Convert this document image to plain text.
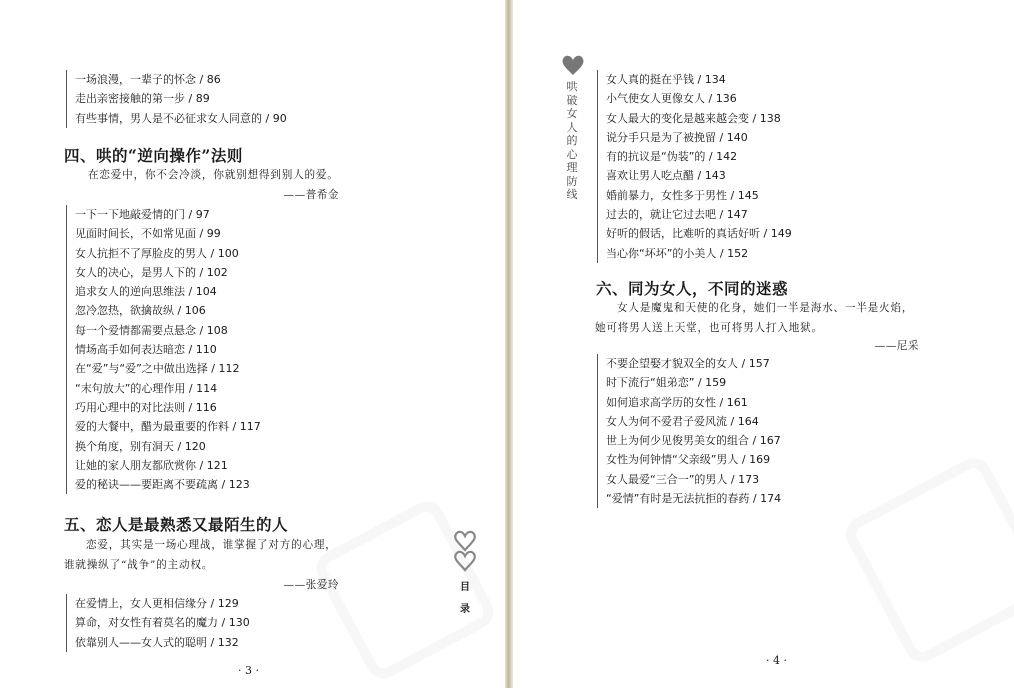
一场浪漫，一辈子的怀念 / 86
走出亲密接触的第一步 / 89
有些事情，男人是不必征求女人同意的 / 90
四、哄的“逆向操作”法则
在恋爱中，你不会冷淡，你就别想得到别人的爱。
——普希金
一下一下地敲爱情的门 / 97
见面时间长，不如常见面 / 99
女人抗拒不了厚脸皮的男人 / 100
女人的决心，是男人下的 / 102
追求女人的逆向思维法 / 104
忽冷忽热，欲擒故纵 / 106
每一个爱情都需要点悬念 / 108
情场高手如何表达暗恋 / 110
在“爱”与“爱”之中做出选择 / 112
“末句放大”的心理作用 / 114
巧用心理中的对比法则 / 116
爱的大餐中，醋为最重要的作料 / 117
换个角度，别有洞天 / 120
让她的家人朋友都欣赏你 / 121
爱的秘诀——要距离不要疏离 / 123
五、恋人是最熟悉又最陌生的人
恋爱，其实是一场心理战，谁掌握了对方的心理，
谁就操纵了“战争”的主动权。
——张爱玲
在爱情上，女人更相信缘分 / 129
算命，对女性有着莫名的魔力 / 130
依靠别人——女人式的聪明 / 132
目
录
· 3 ·
哄破女人的心理防线
女人真的挺在乎钱 / 134
小气使女人更像女人 / 136
女人最大的变化是越来越会变 / 138
说分手只是为了被挽留 / 140
有的抗议是“伪装”的 / 142
喜欢让男人吃点醋 / 143
婚前暴力，女性多于男性 / 145
过去的，就让它过去吧 / 147
好听的假话，比难听的真话好听 / 149
当心你“坏坏”的小美人 / 152
六、同为女人，不同的迷惑
女人是魔鬼和天使的化身，她们一半是海水、一半是火焰，
她可将男人送上天堂，也可将男人打入地狱。
——尼采
不要企望娶才貌双全的女人 / 157
时下流行“姐弟恋” / 159
如何追求高学历的女性 / 161
女人为何不爱君子爱风流 / 164
世上为何少见俊男美女的组合 / 167
女性为何钟情“父亲级”男人 / 169
女人最爱“三合一”的男人 / 173
“爱情”有时是无法抗拒的春药 / 174
· 4 ·
